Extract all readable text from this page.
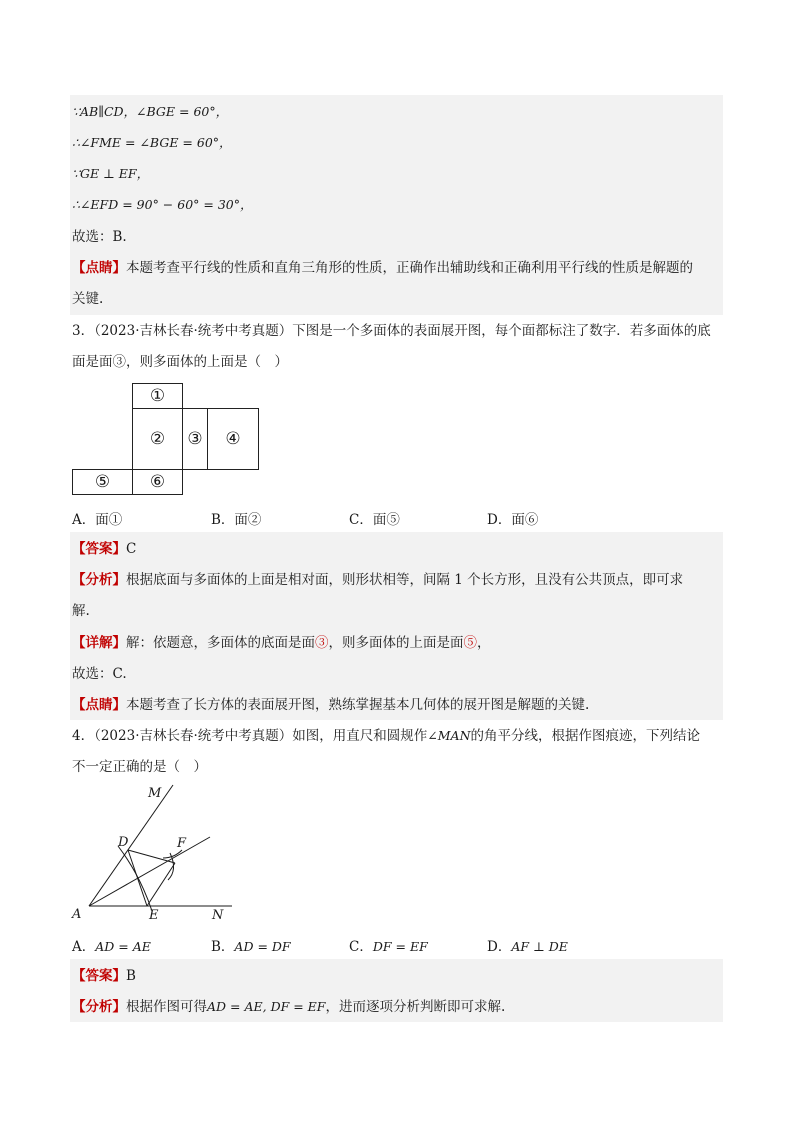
∵AB∥CD，∠BGE = 60°，
∴∠FME = ∠BGE = 60°，
∵GE ⊥ EF，
∴∠EFD = 90° − 60° = 30°，
故选：B.
【点睛】本题考查平行线的性质和直角三角形的性质，正确作出辅助线和正确利用平行线的性质是解题的
关键.
3．（2023·吉林长春·统考中考真题）下图是一个多面体的表面展开图，每个面都标注了数字．若多面体的底
面是面③，则多面体的上面是（　）
①
② ③ ④
⑤ ⑥
A．面①	B．面②	C．面⑤	D．面⑥
【答案】C
【分析】根据底面与多面体的上面是相对面，则形状相等，间隔 1 个长方形，且没有公共顶点，即可求
解.
【详解】解：依题意，多面体的底面是面③，则多面体的上面是面⑤，
故选：C.
【点睛】本题考查了长方体的表面展开图，熟练掌握基本几何体的展开图是解题的关键.
4．（2023·吉林长春·统考中考真题）如图，用直尺和圆规作∠MAN的角平分线，根据作图痕迹，下列结论
不一定正确的是（　）
M
D	F
A	E	N
A．AD = AE	B．AD = DF	C．DF = EF	D．AF ⊥ DE
【答案】B
【分析】根据作图可得AD = AE, DF = EF，进而逐项分析判断即可求解.
